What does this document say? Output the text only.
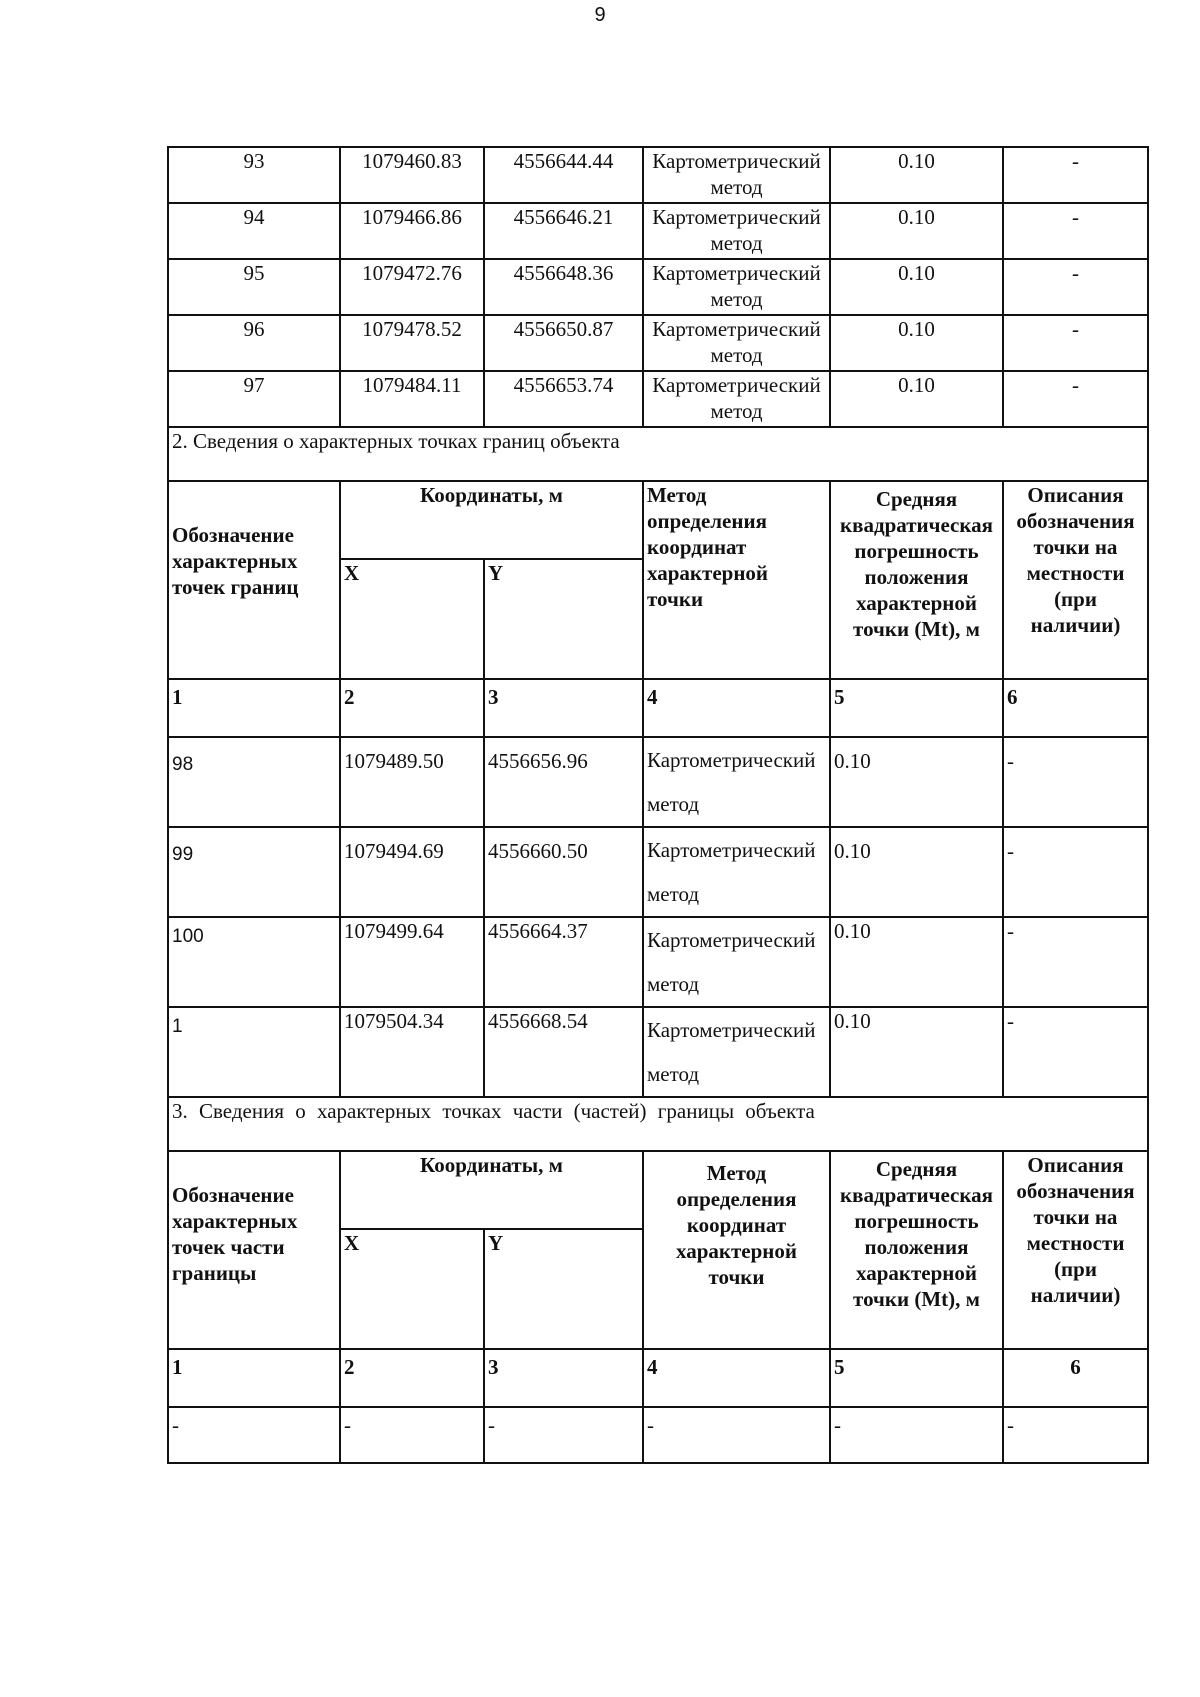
9
93	1079460.83	4556644.44	Картометрический метод	0.10	-
94	1079466.86	4556646.21	Картометрический метод	0.10	-
95	1079472.76	4556648.36	Картометрический метод	0.10	-
96	1079478.52	4556650.87	Картометрический метод	0.10	-
97	1079484.11	4556653.74	Картометрический метод	0.10	-
2. Сведения о характерных точках границ объекта					
Обозначение характерных точек границ	Координаты, м		Метод определения координат характерной точки	Средняя квадратическая погрешность положения характерной точки (Mt), м	Описания обозначения точки на местности (при наличии)
	X	Y			
1	2	3	4	5	6
98	1079489.50	4556656.96	Картометрический метод	0.10	-
99	1079494.69	4556660.50	Картометрический метод	0.10	-
100	1079499.64	4556664.37	Картометрический метод	0.10	-
1	1079504.34	4556668.54	Картометрический метод	0.10	-
3. Сведения о характерных точках части (частей) границы объекта					
Обозначение характерных точек части границы	Координаты, м		Метод определения координат характерной точки	Средняя квадратическая погрешность положения характерной точки (Mt), м	Описания обозначения точки на местности (при наличии)
	X	Y			
1	2	3	4	5	6
-	-	-	-	-	-
